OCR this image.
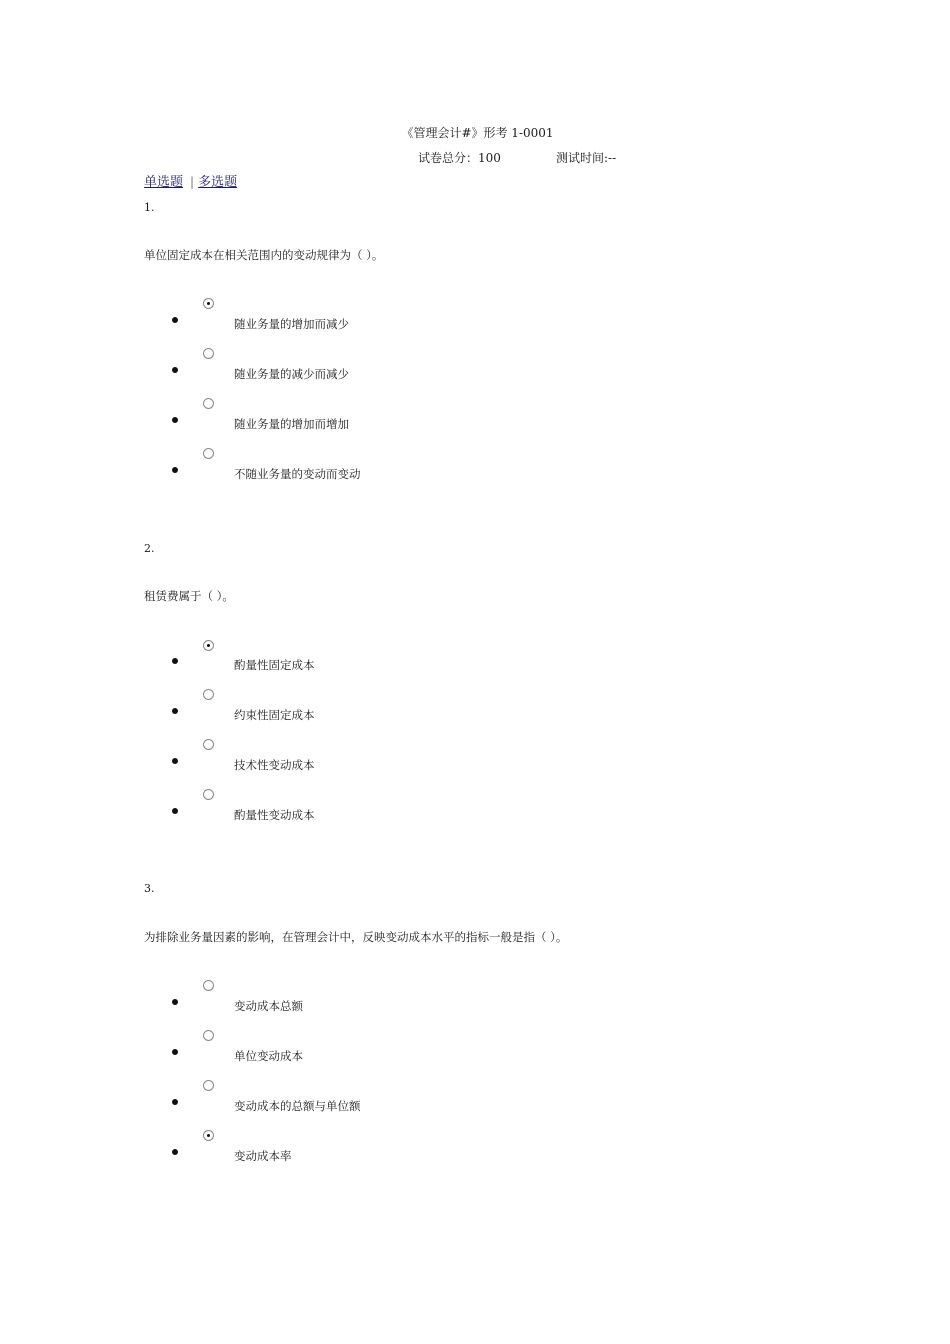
《管理会计#》形考 1-0001
试卷总分：100	测试时间:--
单选题 | 多选题
1.
单位固定成本在相关范围内的变动规律为（ ）。
随业务量的增加而减少
随业务量的减少而减少
随业务量的增加而增加
不随业务量的变动而变动
2.
租赁费属于（ ）。
酌量性固定成本
约束性固定成本
技术性变动成本
酌量性变动成本
3.
为排除业务量因素的影响，在管理会计中，反映变动成本水平的指标一般是指（ ）。
变动成本总额
单位变动成本
变动成本的总额与单位额
变动成本率
